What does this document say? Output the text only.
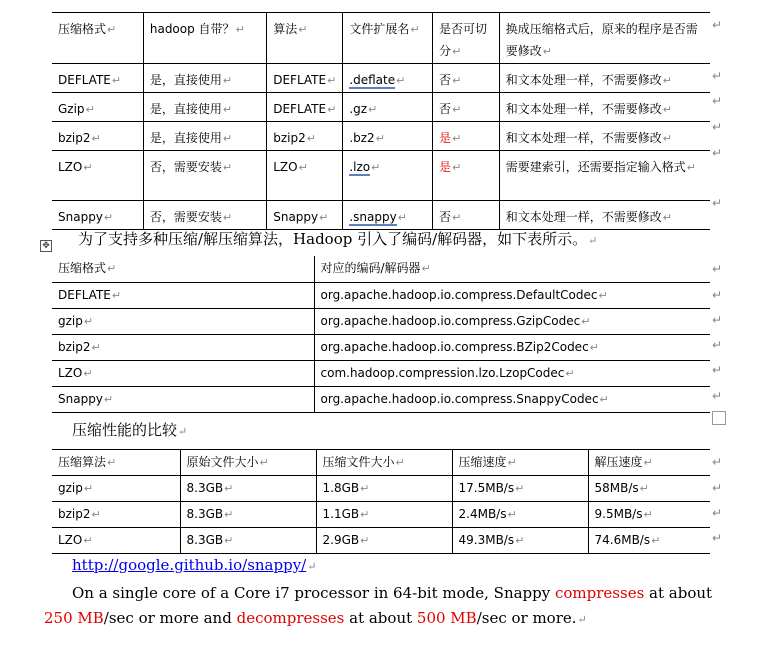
压缩格式↵	hadoop 自带？↵	算法↵	文件扩展名↵	是否可切分↵	换成压缩格式后，原来的程序是否需要修改↵
DEFLATE↵	是，直接使用↵	DEFLATE↵	.deflate↵	否↵	和文本处理一样，不需要修改↵
Gzip↵	是，直接使用↵	DEFLATE↵	.gz↵	否↵	和文本处理一样，不需要修改↵
bzip2↵	是，直接使用↵	bzip2↵	.bz2↵	是↵	和文本处理一样，不需要修改↵
LZO↵	否，需要安装↵	LZO↵	.lzo↵	是↵	需要建索引，还需要指定输入格式↵
Snappy↵	否，需要安装↵	Snappy↵	.snappy↵	否↵	和文本处理一样，不需要修改↵
↵
↵
↵
↵
↵
↵
✥ 为了支持多种压缩/解压缩算法，Hadoop 引入了编码/解码器，如下表所示。↵
压缩格式↵	对应的编码/解码器↵
DEFLATE↵	org.apache.hadoop.io.compress.DefaultCodec↵
gzip↵	org.apache.hadoop.io.compress.GzipCodec↵
bzip2↵	org.apache.hadoop.io.compress.BZip2Codec↵
LZO↵	com.hadoop.compression.lzo.LzopCodec↵
Snappy↵	org.apache.hadoop.io.compress.SnappyCodec↵
↵
↵
↵
↵
↵
↵
压缩性能的比较↵
压缩算法↵	原始文件大小↵	压缩文件大小↵	压缩速度↵	解压速度↵
gzip↵	8.3GB↵	1.8GB↵	17.5MB/s↵	58MB/s↵
bzip2↵	8.3GB↵	1.1GB↵	2.4MB/s↵	9.5MB/s↵
LZO↵	8.3GB↵	2.9GB↵	49.3MB/s↵	74.6MB/s↵
↵
↵
↵
↵
http://google.github.io/snappy/↵
On a single core of a Core i7 processor in 64-bit mode, Snappy compresses at about 250 MB/sec or more and decompresses at about 500 MB/sec or more.↵
